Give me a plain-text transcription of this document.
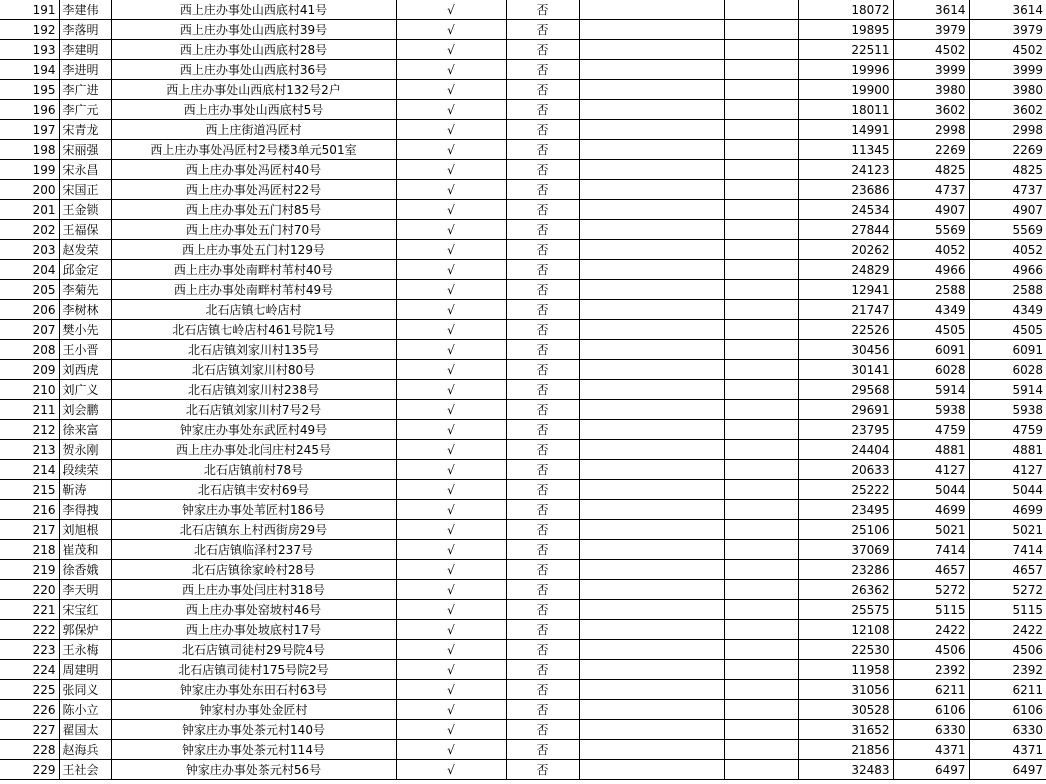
191	李建伟	西上庄办事处山西底村41号	√	否			18072	3614	3614
192	李落明	西上庄办事处山西底村39号	√	否			19895	3979	3979
193	李建明	西上庄办事处山西底村28号	√	否			22511	4502	4502
194	李进明	西上庄办事处山西底村36号	√	否			19996	3999	3999
195	李广进	西上庄办事处山西底村132号2户	√	否			19900	3980	3980
196	李广元	西上庄办事处山西底村5号	√	否			18011	3602	3602
197	宋青龙	西上庄街道冯匠村	√	否			14991	2998	2998
198	宋丽强	西上庄办事处冯匠村2号楼3单元501室	√	否			11345	2269	2269
199	宋永昌	西上庄办事处冯匠村40号	√	否			24123	4825	4825
200	宋国正	西上庄办事处冯匠村22号	√	否			23686	4737	4737
201	王金锁	西上庄办事处五门村85号	√	否			24534	4907	4907
202	王福保	西上庄办事处五门村70号	√	否			27844	5569	5569
203	赵发荣	西上庄办事处五门村129号	√	否			20262	4052	4052
204	邱金定	西上庄办事处南畔村苇村40号	√	否			24829	4966	4966
205	李菊先	西上庄办事处南畔村苇村49号	√	否			12941	2588	2588
206	李树林	北石店镇七岭店村	√	否			21747	4349	4349
207	樊小先	北石店镇七岭店村461号院1号	√	否			22526	4505	4505
208	王小晋	北石店镇刘家川村135号	√	否			30456	6091	6091
209	刘西虎	北石店镇刘家川村80号	√	否			30141	6028	6028
210	刘广义	北石店镇刘家川村238号	√	否			29568	5914	5914
211	刘会鹏	北石店镇刘家川村7号2号	√	否			29691	5938	5938
212	徐来富	钟家庄办事处东武匠村49号	√	否			23795	4759	4759
213	贺永刚	西上庄办事处北闫庄村245号	√	否			24404	4881	4881
214	段续荣	北石店镇前村78号	√	否			20633	4127	4127
215	靳涛	北石店镇丰安村69号	√	否			25222	5044	5044
216	李得拽	钟家庄办事处苇匠村186号	√	否			23495	4699	4699
217	刘旭根	北石店镇东上村西街房29号	√	否			25106	5021	5021
218	崔茂和	北石店镇临泽村237号	√	否			37069	7414	7414
219	徐香娥	北石店镇徐家岭村28号	√	否			23286	4657	4657
220	李天明	西上庄办事处闫庄村318号	√	否			26362	5272	5272
221	宋宝红	西上庄办事处窑坡村46号	√	否			25575	5115	5115
222	郭保炉	西上庄办事处坡底村17号	√	否			12108	2422	2422
223	王永梅	北石店镇司徒村29号院4号	√	否			22530	4506	4506
224	周建明	北石店镇司徒村175号院2号	√	否			11958	2392	2392
225	张同义	钟家庄办事处东田石村63号	√	否			31056	6211	6211
226	陈小立	钟家村办事处金匠村	√	否			30528	6106	6106
227	翟国太	钟家庄办事处茶元村140号	√	否			31652	6330	6330
228	赵海兵	钟家庄办事处茶元村114号	√	否			21856	4371	4371
229	王社会	钟家庄办事处茶元村56号	√	否			32483	6497	6497
